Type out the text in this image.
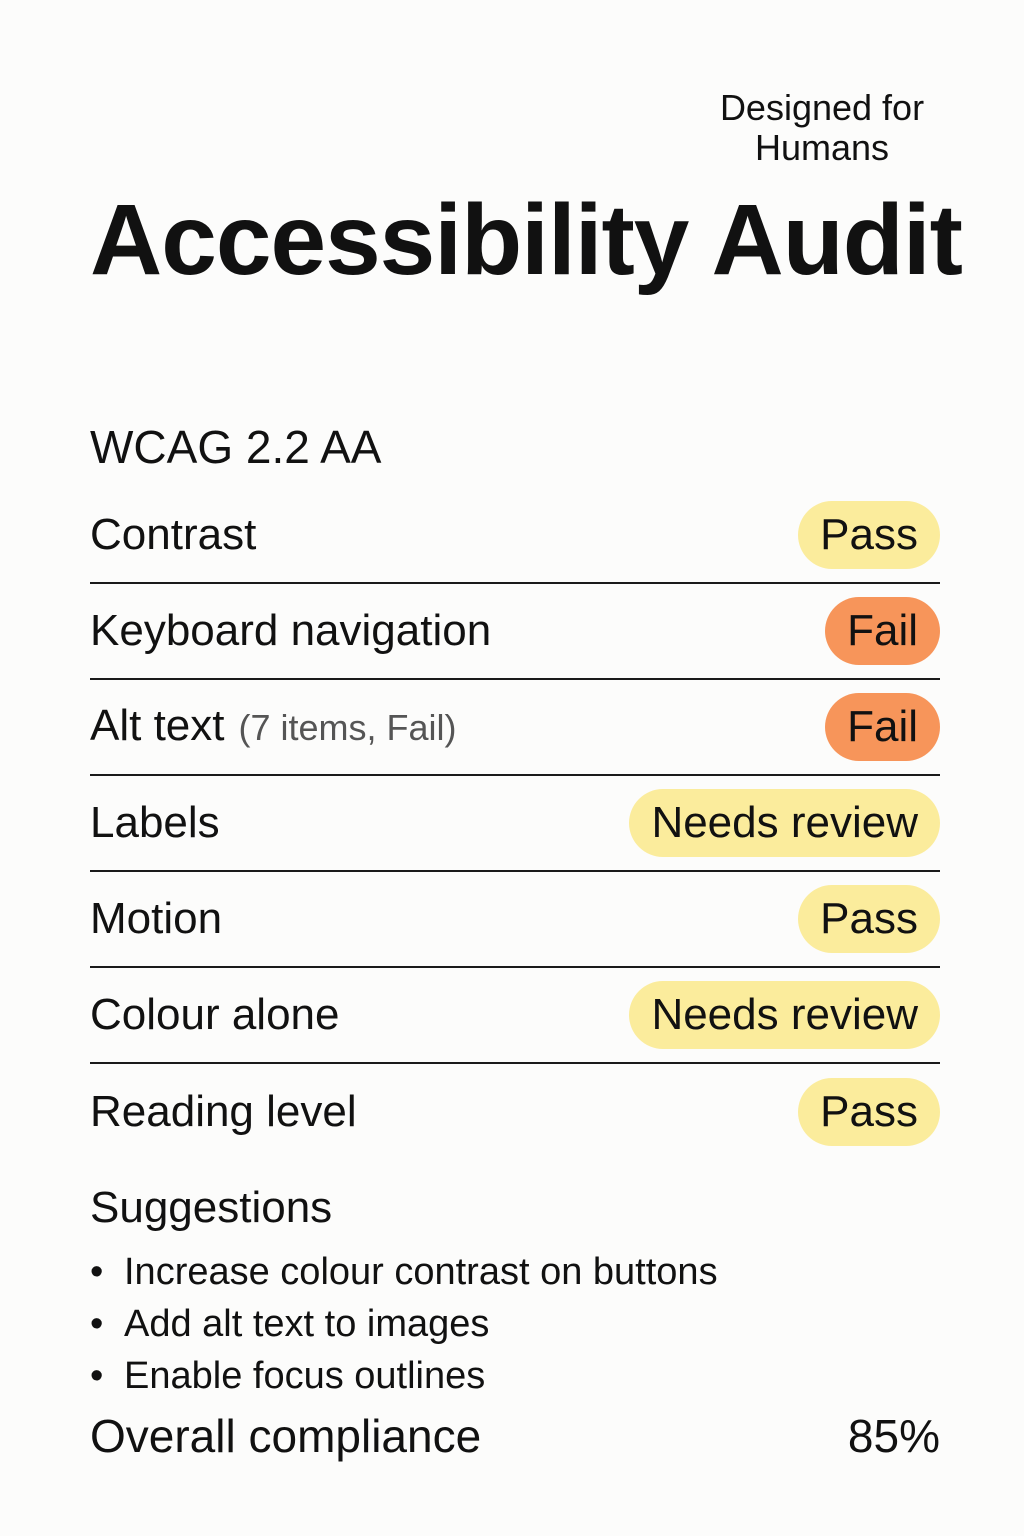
Designed for Humans
Accessibility Audit
WCAG 2.2 AA
Contrast	Pass
Keyboard navigation	Fail
Alt text (7 items, Fail)	Fail
Labels	Needs review
Motion	Pass
Colour alone	Needs review
Reading level	Pass
Suggestions
• Increase colour contrast on buttons
• Add alt text to images
• Enable focus outlines
Overall compliance	85%
